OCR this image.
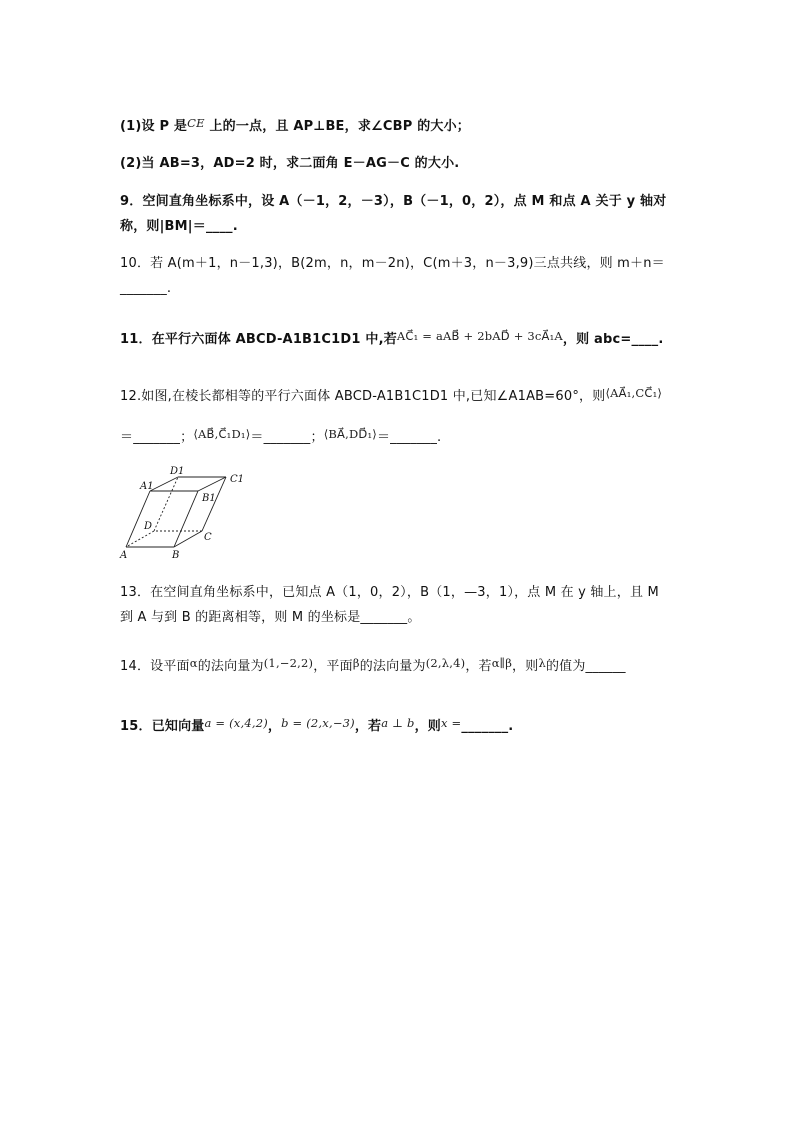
(1)设 P 是CE 上的一点，且 AP⊥BE，求∠CBP 的大小；
(2)当 AB=3，AD=2 时，求二面角 E－AG－C 的大小.
9．空间直角坐标系中，设 A（－1，2，－3），B（－1，0，2），点 M 和点 A 关于 y 轴对
称，则|BM|＝____.
10．若 A(m＋1，n－1,3)，B(2m，n，m－2n)，C(m＋3，n－3,9)三点共线，则 m＋n＝
_______.
11．在平行六面体 ABCD-A1B1C1D1 中,若AC⃗₁ = aAB⃗ + 2bAD⃗ + 3cA⃗₁A，则 abc=____.
12.如图,在棱长都相等的平行六面体 ABCD-A1B1C1D1 中,已知∠A1AB=60°，则⟨AA⃗₁,CC⃗₁⟩
＝_______；⟨AB⃗,C⃗₁D₁⟩＝_______；⟨BA⃗,DD⃗₁⟩＝_______.
A	B
C
D
A1
B1
C1
D1
13．在空间直角坐标系中，已知点 A（1，0，2），B（1，—3，1），点 M 在 y 轴上，且 M
到 A 与到 B 的距离相等，则 M 的坐标是_______。
14．设平面α的法向量为(1,−2,2)，平面β的法向量为(2,λ,4)，若α∥β，则λ的值为______
15．已知向量a = (x,4,2)，b = (2,x,−3)，若a ⊥ b，则x =_______.
